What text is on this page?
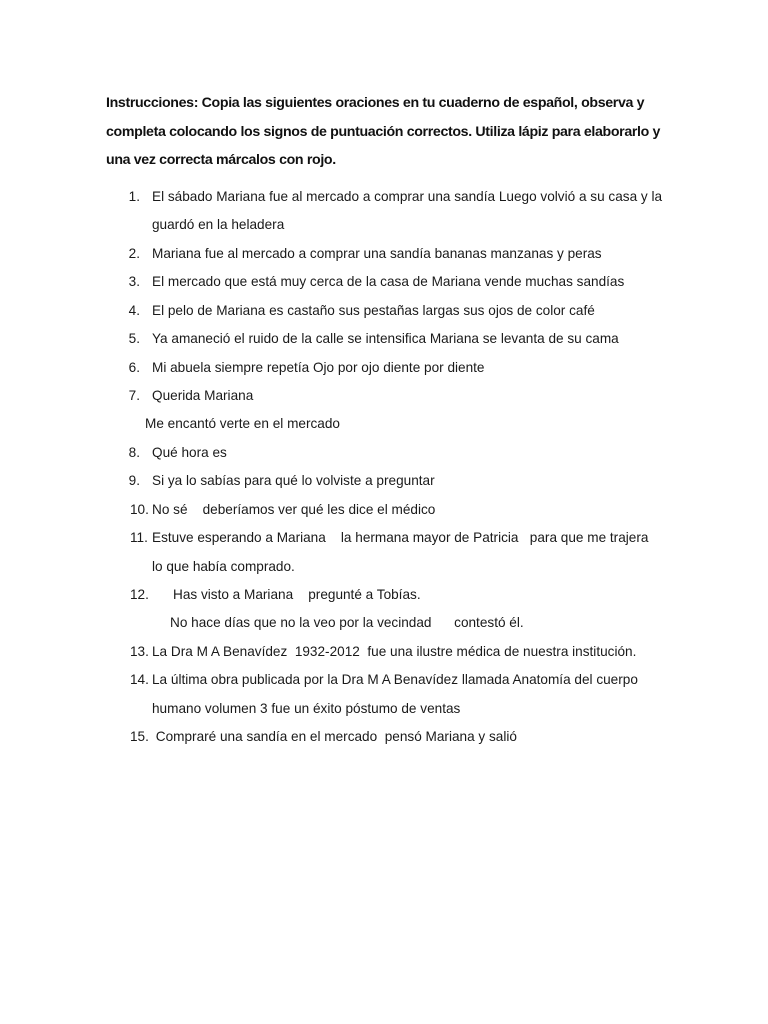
Instrucciones: Copia las siguientes oraciones en tu cuaderno de español, observa y
completa colocando los signos de puntuación correctos. Utiliza lápiz para elaborarlo y
una vez correcta márcalos con rojo.
1. El sábado Mariana fue al mercado a comprar una sandía Luego volvió a su casa y la
guardó en la heladera
2. Mariana fue al mercado a comprar una sandía bananas manzanas y peras
3. El mercado que está muy cerca de la casa de Mariana vende muchas sandías
4. El pelo de Mariana es castaño sus pestañas largas sus ojos de color café
5. Ya amaneció el ruido de la calle se intensifica Mariana se levanta de su cama
6. Mi abuela siempre repetía Ojo por ojo diente por diente
7. Querida Mariana
Me encantó verte en el mercado
8. Qué hora es
9. Si ya lo sabías para qué lo volviste a preguntar
10. No sé    deberíamos ver qué les dice el médico
11. Estuve esperando a Mariana    la hermana mayor de Patricia   para que me trajera
lo que había comprado.
12. Has visto a Mariana    pregunté a Tobías.
No hace días que no la veo por la vecindad      contestó él.
13. La Dra M A Benavídez  1932-2012  fue una ilustre médica de nuestra institución.
14. La última obra publicada por la Dra M A Benavídez llamada Anatomía del cuerpo
humano volumen 3 fue un éxito póstumo de ventas
15. Compraré una sandía en el mercado  pensó Mariana y salió
